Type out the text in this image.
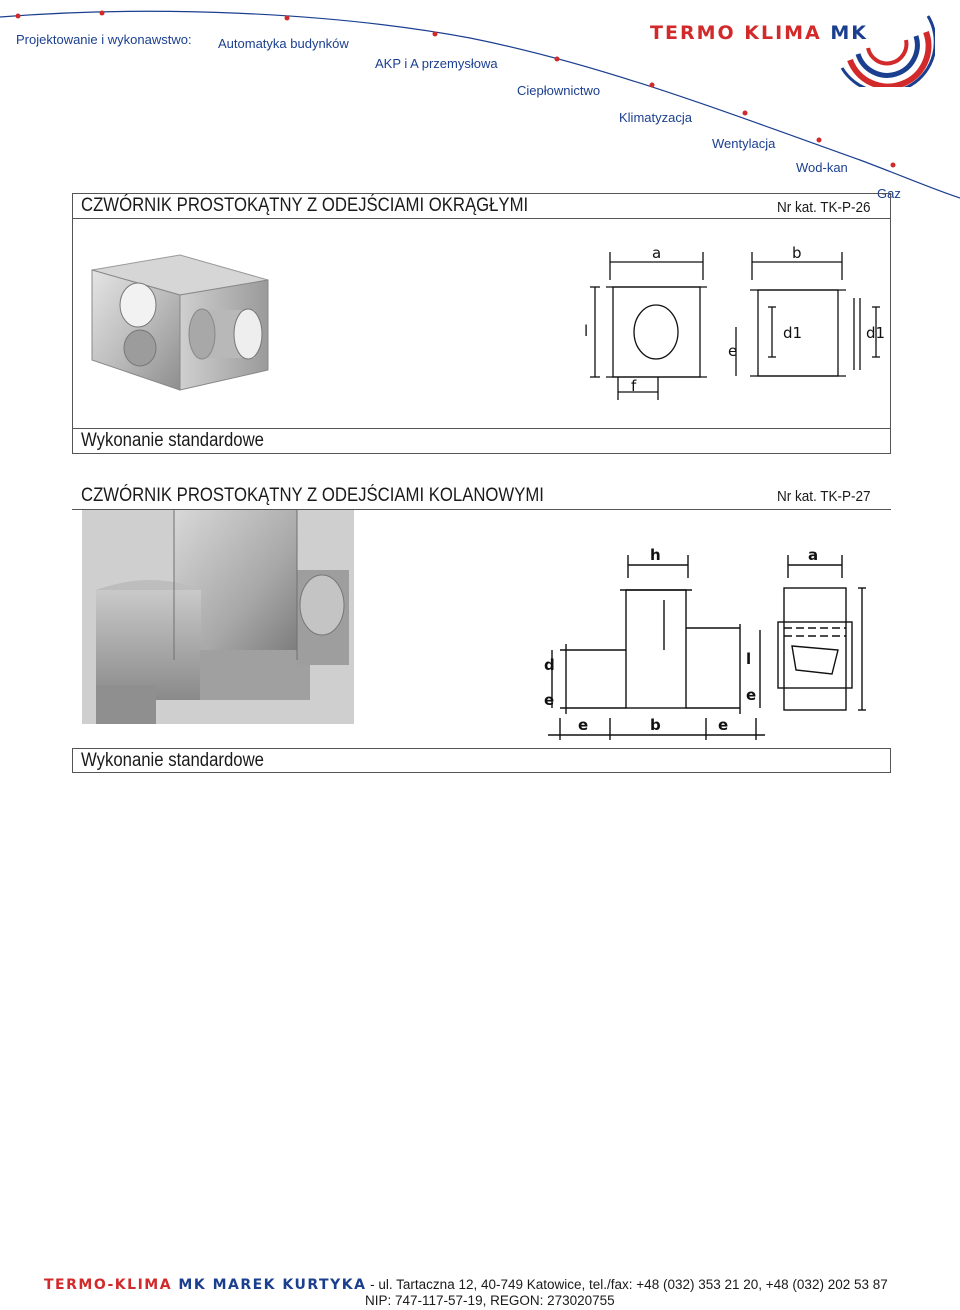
Projektowanie i wykonawstwo: Automatyka budynków
AKP i A przemysłowa
Ciepłownictwo
Klimatyzacja
Wentylacja
Wod-kan
Gaz
TERMO KLIMA MK
CZWÓRNIK PROSTOKĄTNY Z ODEJŚCIAMI OKRĄGŁYMI	Nr kat. TK-P-26
a	b
l
f
e
d1	d1
Wykonanie standardowe
CZWÓRNIK PROSTOKĄTNY Z ODEJŚCIAMI KOLANOWYMI	Nr kat. TK-P-27
h	a
e
d
e	b	e
l
e
Wykonanie standardowe
TERMO-KLIMA MK MAREK KURTYKA - ul. Tartaczna 12, 40-749 Katowice, tel./fax: +48 (032) 353 21 20, +48 (032) 202 53 87
NIP: 747-117-57-19, REGON: 273020755
